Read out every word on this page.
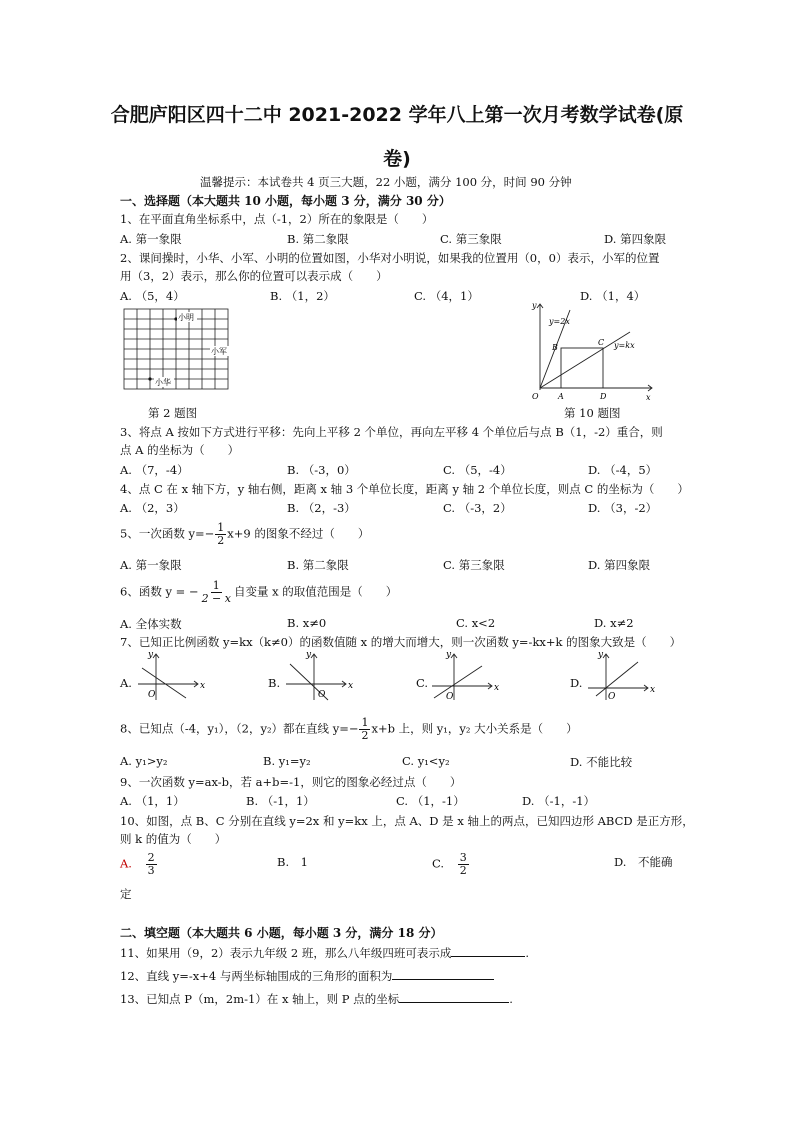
合肥庐阳区四十二中 2021-2022 学年八上第一次月考数学试卷(原
卷)
温馨提示：本试卷共 4 页三大题，22 小题，满分 100 分，时间 90 分钟
一、选择题（本大题共 10 小题，每小题 3 分，满分 30 分）
1、在平面直角坐标系中，点（-1，2）所在的象限是（　　）
A. 第一象限	B. 第二象限	C. 第三象限	D. 第四象限
2、课间操时，小华、小军、小明的位置如图，小华对小明说，如果我的位置用（0，0）表示，小军的位置
用（3，2）表示，那么你的位置可以表示成（　　）
A. （5，4）	B. （1，2）	C. （4，1）	D. （1，4）
小明
小军
小华
第 2 题图
y
x
O A
B
C
D
y=2x
y=kx
第 10 题图
3、将点 A 按如下方式进行平移：先向上平移 2 个单位，再向左平移 4 个单位后与点 B（1，-2）重合，则
点 A 的坐标为（　　）
A. （7，-4）	B. （-3，0）	C. （5，-4）	D. （-4，5）
4、点 C 在 x 轴下方，y 轴右侧，距离 x 轴 3 个单位长度，距离 y 轴 2 个单位长度，则点 C 的坐标为（　　）
A. （2，3）	B. （2，-3）	C. （-3，2）	D. （3，-2）
5、一次函数 $y=- \frac{1}{2} x+9$ 的图象不经过（　　）
A. 第一象限	B. 第二象限	C. 第三象限	D. 第四象限
6、函数 y = − $\frac{1}{2 - x}$ 自变量 x 的取值范围是（　　）
A. 全体实数	B. x≠0	C. x<2	D. x≠2
7、已知正比例函数 y=kx（k≠0）的函数值随 x 的增大而增大，则一次函数 y=-kx+k 的图象大致是（　　）
A.
y
x
O
B.
y
x
O
C.
y
x
O
D.
y
x
O
8、已知点（-4，y₁），（2，y₂）都在直线 $y=- \frac{1}{2} x+b$ 上，则 y₁，y₂ 大小关系是（　　）
A. y₁>y₂	B. y₁=y₂	C. y₁<y₂	D. 不能比较
9、一次函数 y=ax-b，若 a+b=-1，则它的图象必经过点（　　）
A. （1，1）	B. （-1，1）	C. （1，-1）	D. （-1，-1）
10、如图，点 B、C 分别在直线 y=2x 和 y=kx 上，点 A、D 是 x 轴上的两点，已知四边形 ABCD 是正方形，
则 k 的值为（　　）
A. $\frac{2}{3}$	B.　1	C. $\frac{3}{2}$	D.　不能确
定
二、填空题（本大题共 6 小题，每小题 3 分，满分 18 分）
11、如果用（9，2）表示九年级 2 班，那么八年级四班可表示成	.
12、直线 y=-x+4 与两坐标轴围成的三角形的面积为
13、已知点 P（m，2m-1）在 x 轴上，则 P 点的坐标	.
